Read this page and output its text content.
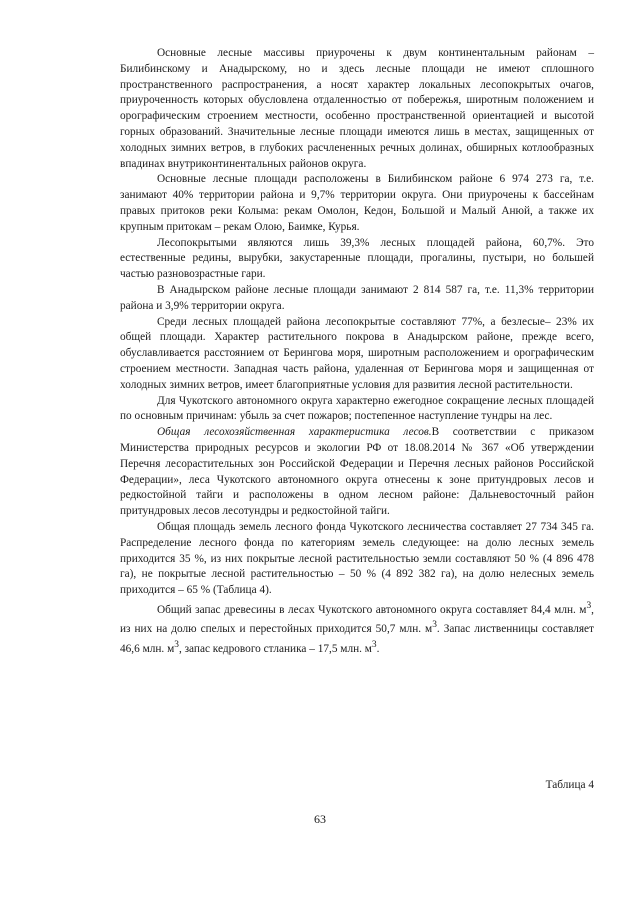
Основные лесные массивы приурочены к двум континентальным районам – Билибинскому и Анадырскому, но и здесь лесные площади не имеют сплошного пространственного распространения, а носят характер локальных лесопокрытых очагов, приуроченность которых обусловлена отдаленностью от побережья, широтным положением и орографическим строением местности, особенно пространственной ориентацией и высотой горных образований. Значительные лесные площади имеются лишь в местах, защищенных от холодных зимних ветров, в глубоких расчлененных речных долинах, обширных котлообразных впадинах внутриконтинентальных районов округа.

Основные лесные площади расположены в Билибинском районе 6 974 273 га, т.е. занимают 40% территории района и 9,7% территории округа. Они приурочены к бассейнам правых притоков реки Колыма: рекам Омолон, Кедон, Большой и Малый Анюй, а также их крупным притокам – рекам Олою, Баимке, Курья.

Лесопокрытыми являются лишь 39,3% лесных площадей района, 60,7%. Это естественные редины, вырубки, закустаренные площади, прогалины, пустыри, но большей частью разновозрастные гари.

В Анадырском районе лесные площади занимают 2 814 587 га, т.е. 11,3% территории района и 3,9% территории округа.

Среди лесных площадей района лесопокрытые составляют 77%, а безлесые– 23% их общей площади. Характер растительного покрова в Анадырском районе, прежде всего, обуславливается расстоянием от Берингова моря, широтным расположением и орографическим строением местности. Западная часть района, удаленная от Берингова моря и защищенная от холодных зимних ветров, имеет благоприятные условия для развития лесной растительности.

Для Чукотского автономного округа характерно ежегодное сокращение лесных площадей по основным причинам: убыль за счет пожаров; постепенное наступление тундры на лес.

Общая лесохозяйственная характеристика лесов.В соответствии с приказом Министерства природных ресурсов и экологии РФ от 18.08.2014 № 367 «Об утверждении Перечня лесорастительных зон Российской Федерации и Перечня лесных районов Российской Федерации», леса Чукотского автономного округа отнесены к зоне притундровых лесов и редкостойной тайги и расположены в одном лесном районе: Дальневосточный район притундровых лесов лесотундры и редкостойной тайги.

Общая площадь земель лесного фонда Чукотского лесничества составляет 27 734 345 га. Распределение лесного фонда по категориям земель следующее: на долю лесных земель приходится 35 %, из них покрытые лесной растительностью земли составляют 50 % (4 896 478 га), не покрытые лесной растительностью – 50 % (4 892 382 га), на долю нелесных земель приходится – 65 % (Таблица 4).

Общий запас древесины в лесах Чукотского автономного округа составляет 84,4 млн. $м^3$, из них на долю спелых и перестойных приходится 50,7 млн. $м^3$. Запас лиственницы составляет 46,6 млн. $м^3$, запас кедрового стланика – 17,5 млн. $м^3$.

Таблица 4
63
